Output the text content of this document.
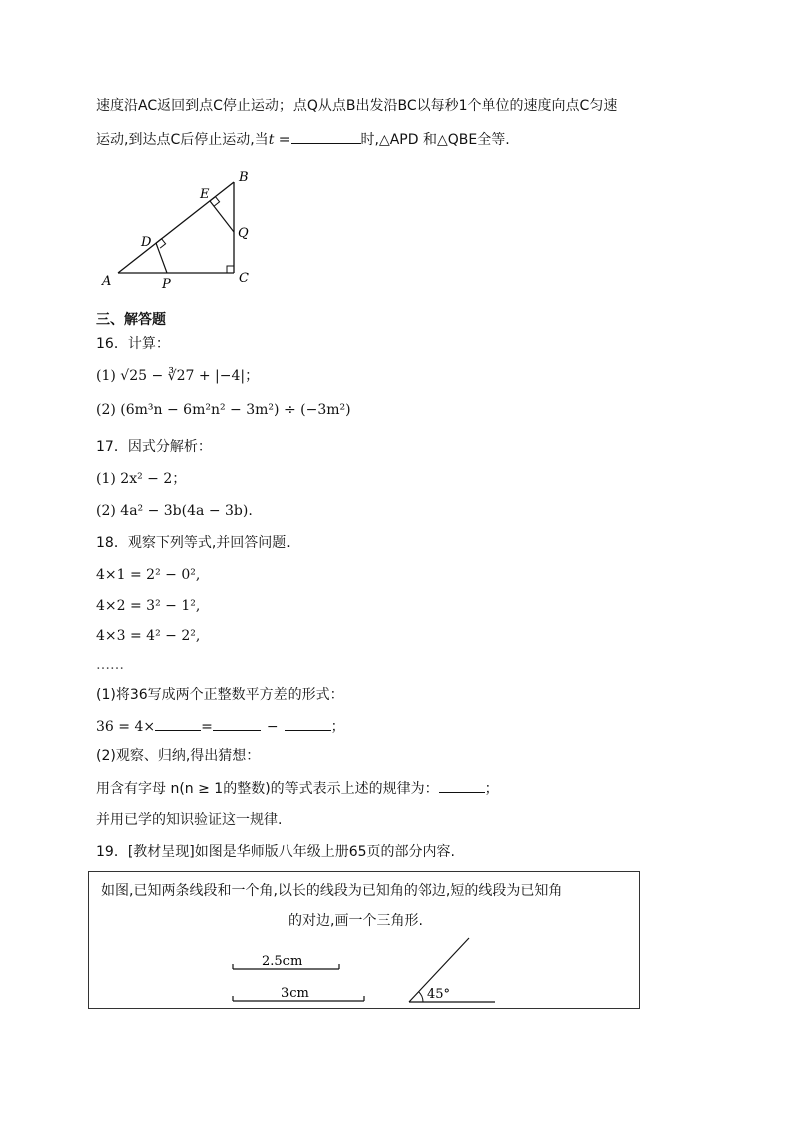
速度沿AC返回到点C停止运动；点Q从点B出发沿BC以每秒1个单位的速度向点C匀速
运动,到达点C后停止运动,当t =	时,△APD 和△QBE全等.
A
B
C
D
E
P
Q
三、解答题
16．计算：
(1) √25 − ∛27 + |−4|；
(2) (6m³n − 6m²n² − 3m²) ÷ (−3m²)
17．因式分解析：
(1) 2x² − 2；
(2) 4a² − 3b(4a − 3b).
18．观察下列等式,并回答问题.
4×1 = 2² − 0²,
4×2 = 3² − 1²,
4×3 = 4² − 2²,
……
(1)将36写成两个正整数平方差的形式：
36 = 4×	=	−	；
(2)观察、归纳,得出猜想：
用含有字母 n(n ≥ 1的整数)的等式表示上述的规律为：	；
并用已学的知识验证这一规律.
19．[教材呈现]如图是华师版八年级上册65页的部分内容.
如图,已知两条线段和一个角,以长的线段为已知角的邻边,短的线段为已知角
的对边,画一个三角形.
2.5cm
3cm	45°
